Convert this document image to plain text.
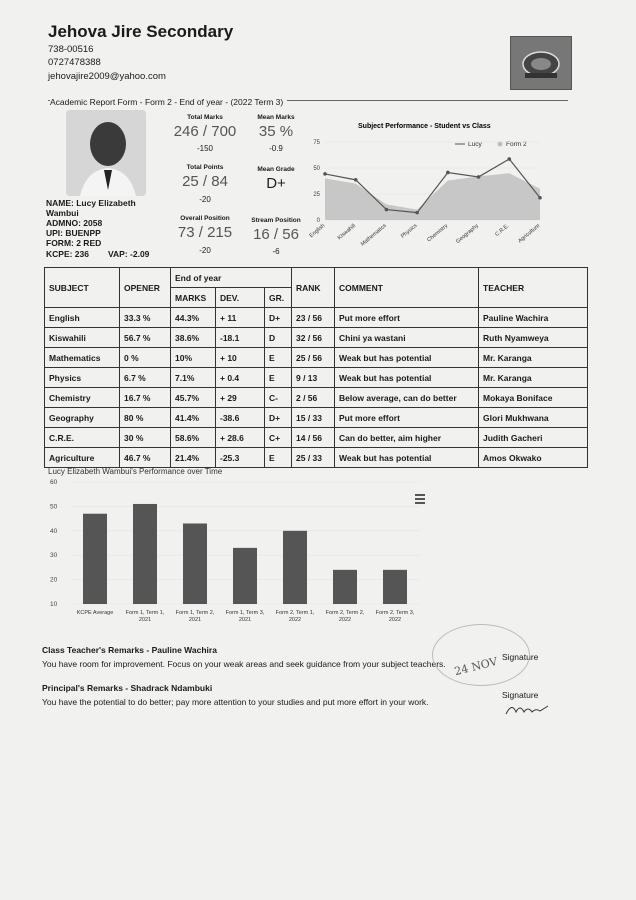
Jehova Jire Secondary
738-00516
0727478388
jehovajire2009@yahoo.com
Academic Report Form - Form 2 - End of year - (2022 Term 3)
NAME: Lucy Elizabeth Wambui
ADMNO: 2058
UPI: BUENPP
FORM: 2 RED
KCPE: 236 VAP: -2.09
Total Marks
246 / 700
-150
Mean Marks
35 %
-0.9
Total Points
25 / 84
-20
Mean Grade
D+
Overall Position
73 / 215
-20
Stream Position
16 / 56
-6
Subject Performance - Student vs Class
Lucy	Form 2
0
25
50
75
English Kiswahili Mathematics Physics Chemistry Geography	C.R.E. Agriculture
SUBJECT	OPENER	End of year			RANK	COMMENT	TEACHER
		MARKS	DEV.	GR.			
English	33.3 %	44.3%	+ 11	D+	23 / 56	Put more effort	Pauline Wachira
Kiswahili	56.7 %	38.6%	-18.1	D	32 / 56	Chini ya wastani	Ruth Nyamweya
Mathematics	0 %	10%	+ 10	E	25 / 56	Weak but has potential	Mr. Karanga
Physics	6.7 %	7.1%	+ 0.4	E	9 / 13	Weak but has potential	Mr. Karanga
Chemistry	16.7 %	45.7%	+ 29	C-	2 / 56	Below average, can do better	Mokaya Boniface
Geography	80 %	41.4%	-38.6	D+	15 / 33	Put more effort	Glori Mukhwana
C.R.E.	30 %	58.6%	+ 28.6	C+	14 / 56	Can do better, aim higher	Judith Gacheri
Agriculture	46.7 %	21.4%	-25.3	E	25 / 33	Weak but has potential	Amos Okwako
Lucy Elizabeth Wambui's Performance over Time
10
20
30
40
50
60
KCPE Average Form 1, Term 1, 2021
Form 1, Term 2, 2021
Form 1, Term 3, 2021
Form 2, Term 1, 2022
Form 2, Term 2, 2022
Form 2, Term 3, 2022
Class Teacher's Remarks - Pauline Wachira
You have room for improvement. Focus on your weak areas and seek guidance from your subject teachers.
Principal's Remarks - Shadrack Ndambuki
You have the potential to do better; pay more attention to your studies and put more effort in your work.
Signature
Signature
24 NOV
